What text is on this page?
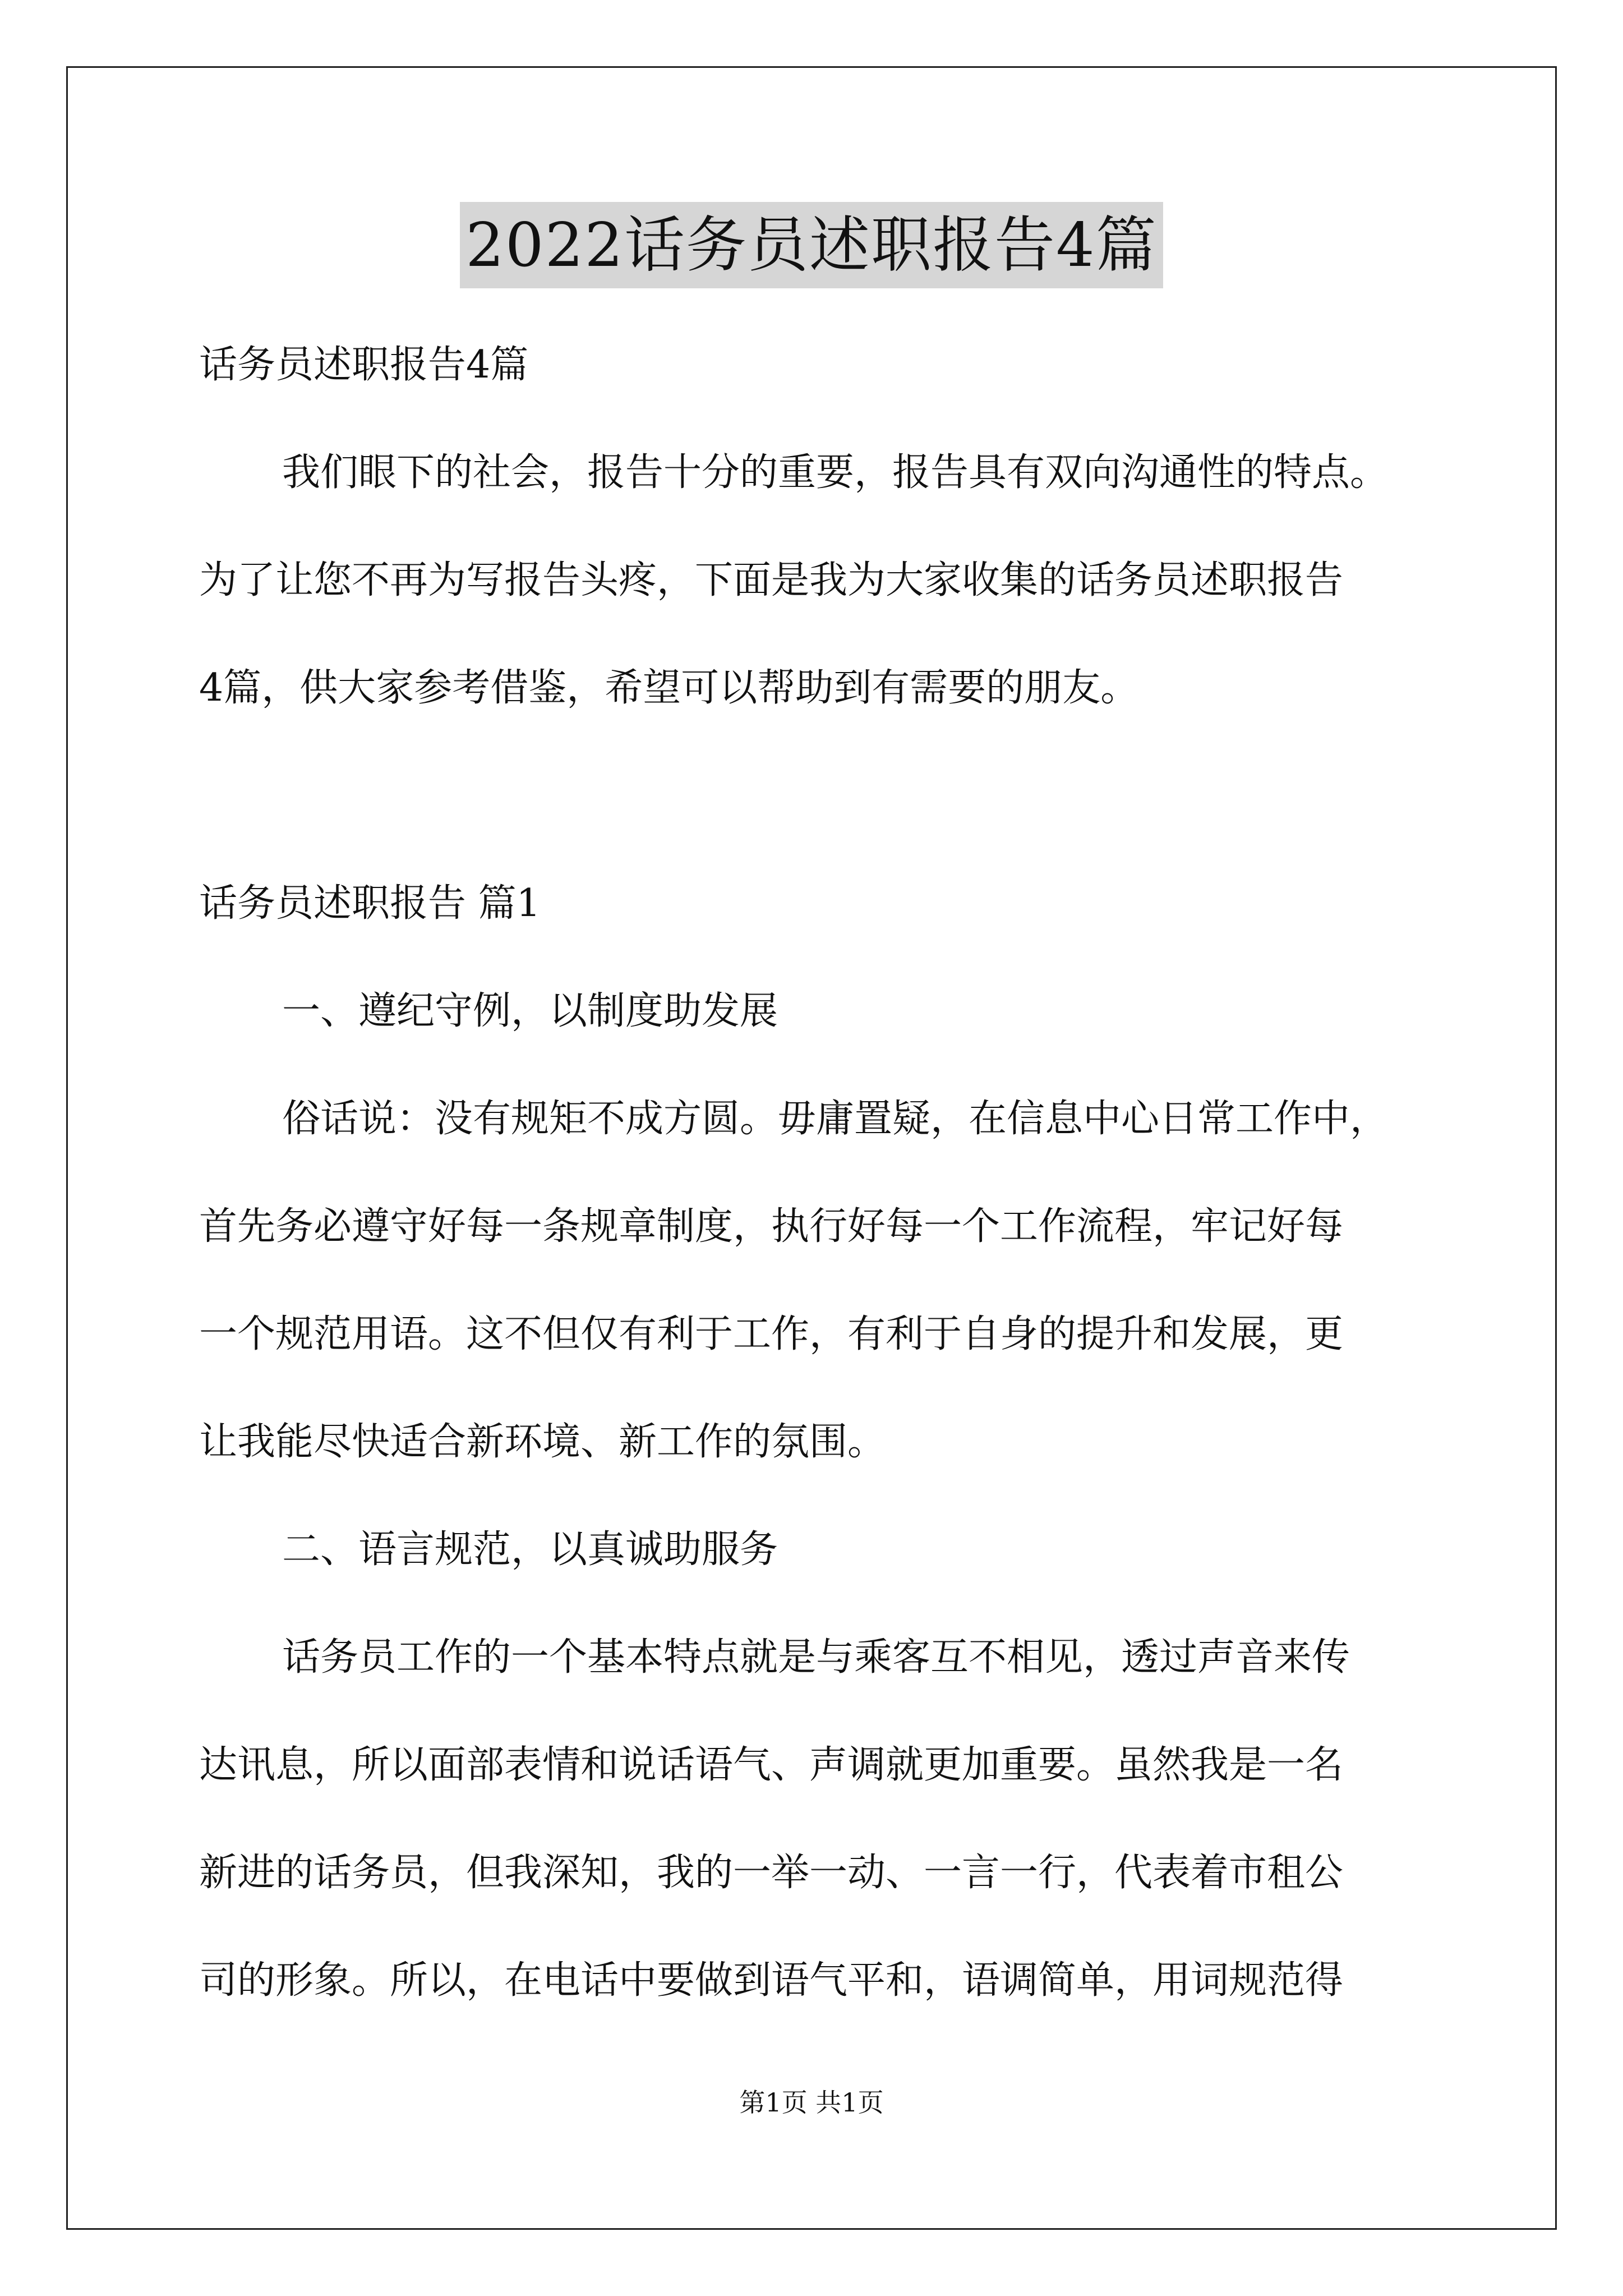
2022话务员述职报告4篇

话务员述职报告4篇

我们眼下的社会，报告十分的重要，报告具有双向沟通性的特点。

为了让您不再为写报告头疼，下面是我为大家收集的话务员述职报告

4篇，供大家参考借鉴，希望可以帮助到有需要的朋友。

话务员述职报告 篇1

一、遵纪守例，以制度助发展

俗话说：没有规矩不成方圆。毋庸置疑，在信息中心日常工作中，

首先务必遵守好每一条规章制度，执行好每一个工作流程，牢记好每

一个规范用语。这不但仅有利于工作，有利于自身的提升和发展，更

让我能尽快适合新环境、新工作的氛围。

二、语言规范，以真诚助服务

话务员工作的一个基本特点就是与乘客互不相见，透过声音来传

达讯息，所以面部表情和说话语气、声调就更加重要。虽然我是一名

新进的话务员，但我深知，我的一举一动、一言一行，代表着市租公

司的形象。所以，在电话中要做到语气平和，语调简单，用词规范得

第1页 共1页
